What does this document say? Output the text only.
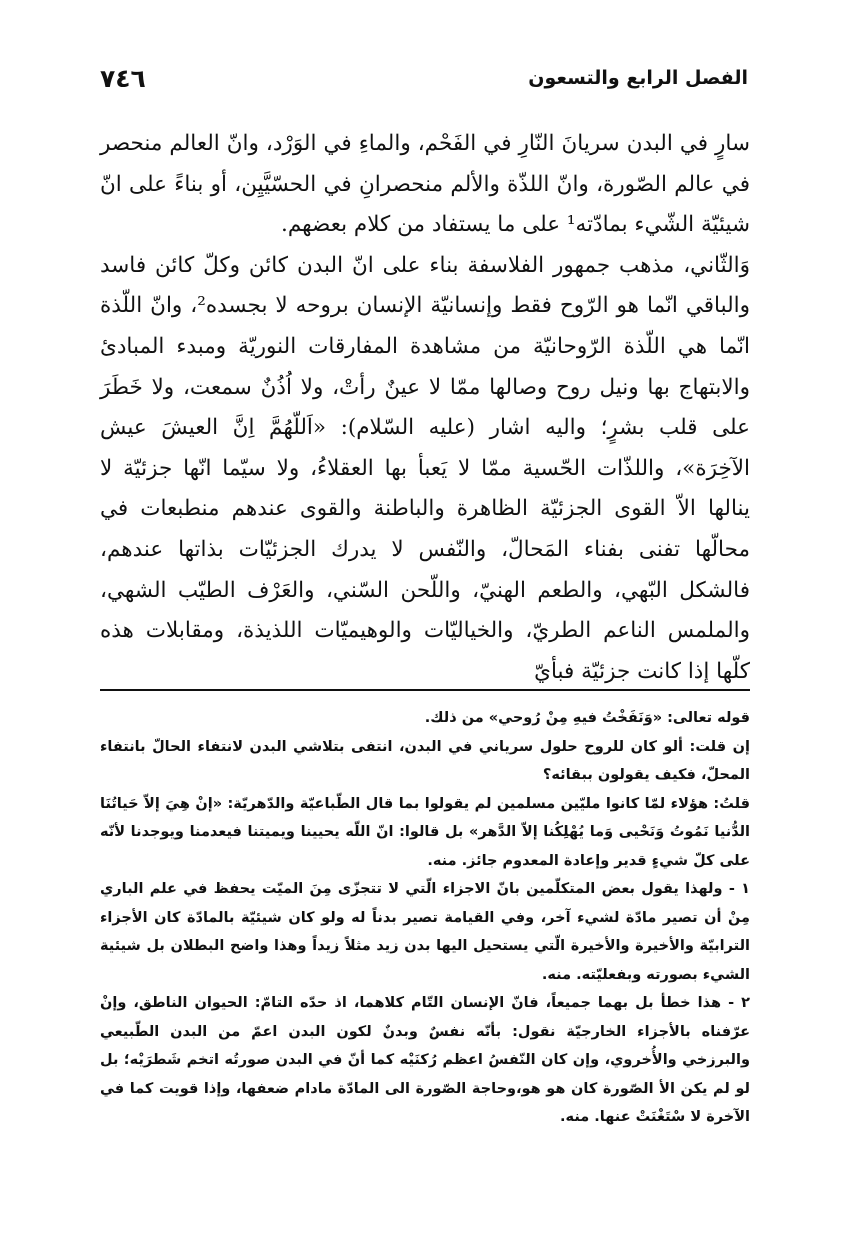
الفصل الرابع والتسعون
٧٤٦

سارٍ في البدن سريانَ النّارِ في الفَحْم، والماءِ في الوَرْد، وانّ العالم منحصر في عالم الصّورة، وانّ اللذّة والألم منحصرانِ في الحسّيَّيِن، أو بناءً على انّ شيئيّة الشّيء بمادّته¹ على ما يستفاد من كلام بعضهم.

وَالثّاني، مذهب جمهور الفلاسفة بناء على انّ البدن كائن وكلّ كائن فاسد والباقي انّما هو الرّوح فقط وإنسانيّة الإنسان بروحه لا بجسده²، وانّ اللّذة انّما هي اللّذة الرّوحانيّة من مشاهدة المفارقات النوريّة ومبدء المبادئ والابتهاج بها ونيل روح وصالها ممّا لا عينٌ رأتْ، ولا اُذُنٌ سمعت، ولا خَطَرَ على قلب بشرٍ؛ واليه اشار (عليه السّلام): «اَللّهُمَّ اِنَّ العيشَ عيش الآخِرَة»، واللذّات الحّسية ممّا لا يَعبأ بها العقلاءُ، ولا سيّما انّها جزئيّة لا ينالها الاّ القوى الجزئيّة الظاهرة والباطنة والقوى عندهم منطبعات في محالّها تفنى بفناء المَحالّ، والنّفس لا يدرك الجزئيّات بذاتها عندهم، فالشكل البّهي، والطعم الهنيّ، واللّحن السّني، والعَرْف الطيّب الشهي، والملمس الناعم الطريّ، والخياليّات والوهيميّات اللذيذة، ومقابلات هذه كلّها إذا كانت جزئيّة فبأيّ

قوله تعالى: «وَنَفَخْتُ فيهِ مِنْ رُوحي» من ذلك.

إن قلت: ألو كان للروح حلول سرياني في البدن، انتفى بتلاشي البدن لانتفاء الحالّ بانتفاء المحلّ، فكيف يقولون ببقائه؟

قلتُ: هؤلاء لمّا كانوا مليّين مسلمين لم يقولوا بما قال الطّباعيّة والدّهريّة: «إنْ هِيَ إلاّ حَياتُنَا الدُّنيا نَمُوتُ وَنَحْيى وَما يُهْلِكُنا إلاّ الدَّهر» بل قالوا: انّ اللّه يحيينا ويميتنا فيعدمنا ويوجدنا لأنّه على كلّ شيءٍ قدير وإعادة المعدوم جائز. منه.

١ - ولهذا يقول بعض المتكلّمين بانّ الاجزاء الّتي لا تتجزّى مِنَ الميّت يحفظ في علم الباري مِنْ أن تصير مادّة لشيء آخر، وفي القيامة تصير بدناً له ولو كان شيئيّة بالمادّة كان الأجزاء الترابيّة والأخيرة والأخيرة الّتي يستحيل اليها بدن زيد مثلاً زيداً وهذا واضح البطلان بل شيئية الشيء بصورته وبفعليّته. منه.

٢ - هذا خطأ بل بهما جميعاً، فانّ الإنسان التّام كلاهما، اذ حدّه التامّ: الحيوان الناطق، وإنْ عرّفناه بالأجزاء الخارجيّة نقول: بأنّه نفسٌ وبدنٌ لكون البدن اعمّ من البدن الطّبيعي والبرزخي والأُخروي، وإن كان النّفسُ اعظم رُكنَيْه كما أنّ في البدن صورتُه اتخم شَطرَيْه؛ بل لو لم يكن الأ الصّورة كان هو هو،وحاجة الصّورة الى المادّة مادام ضعفها، وإذا قويت كما في الآخرة لا سْتَغْنَتْ عنها. منه.
